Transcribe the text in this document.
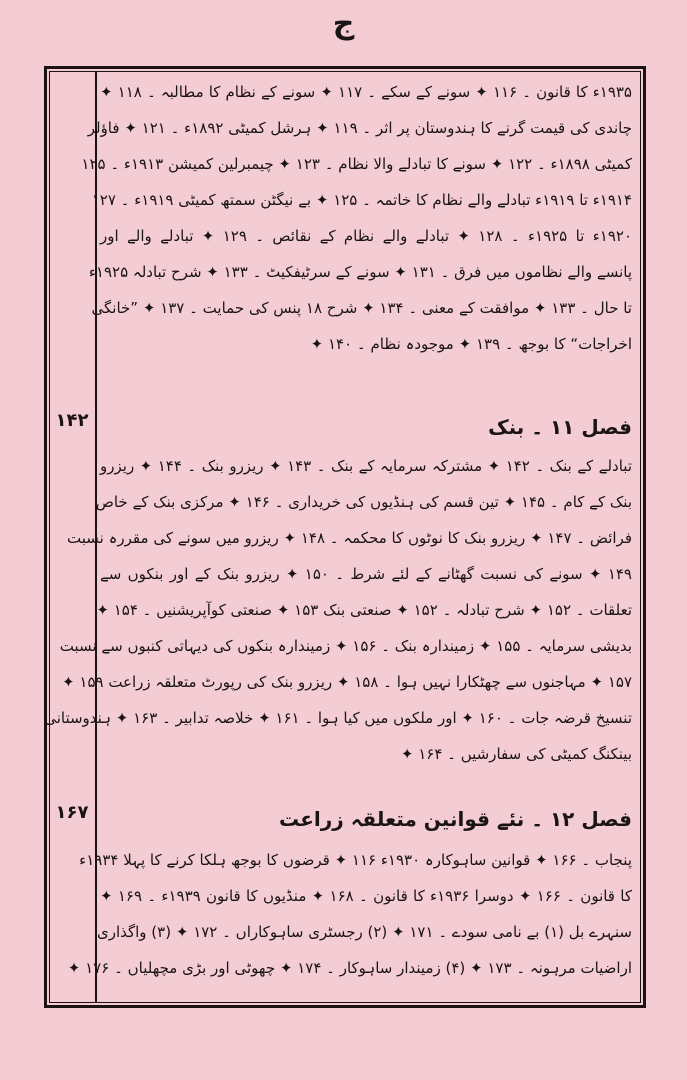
ج
۱۴۲
۱۶۷
۱۹۳۵ء کا قانون ۔ ۱۱۶ ✦ سونے کے سکے ۔ ۱۱۷ ✦ سونے کے نظام کا مطالبہ ۔ ۱۱۸ ✦
چاندی کی قیمت گرنے کا ہندوستان پر اثر ۔ ۱۱۹ ✦ ہرشل کمیٹی ۱۸۹۲ء ۔ ۱۲۱ ✦ فاؤلر
کمیٹی ۱۸۹۸ء ۔ ۱۲۲ ✦ سونے کا تبادلے والا نظام ۔ ۱۲۳ ✦ چیمبرلین کمیشن ۱۹۱۳ء ۔ ۱۲۵
۱۹۱۴ء تا ۱۹۱۹ء تبادلے والے نظام کا خاتمہ ۔ ۱۲۵ ✦ بے نیگٹن سمتھ کمیٹی ۱۹۱۹ء ۔ ۱۲۷
۱۹۲۰ء تا ۱۹۲۵ء ۔ ۱۲۸ ✦ تبادلے والے نظام کے نقائص ۔ ۱۲۹ ✦ تبادلے والے اور
پانسے والے نظاموں میں فرق ۔ ۱۳۱ ✦ سونے کے سرٹیفکیٹ ۔ ۱۳۳ ✦ شرح تبادلہ ۱۹۲۵ء
تا حال ۔ ۱۳۳ ✦ موافقت کے معنی ۔ ۱۳۴ ✦ شرح ۱۸ پنس کی حمایت ۔ ۱۳۷ ✦ ”خانگی
اخراجات“ کا بوجھ ۔ ۱۳۹ ✦ موجودہ نظام ۔ ۱۴۰ ✦
فصل ۱۱ ۔ بنک
تبادلے کے بنک ۔ ۱۴۲ ✦ مشترکہ سرمایہ کے بنک ۔ ۱۴۳ ✦ ریزرو بنک ۔ ۱۴۴ ✦ ریزرو
بنک کے کام ۔ ۱۴۵ ✦ تین قسم کی ہنڈیوں کی خریداری ۔ ۱۴۶ ✦ مرکزی بنک کے خاص
فرائض ۔ ۱۴۷ ✦ ریزرو بنک کا نوٹوں کا محکمہ ۔ ۱۴۸ ✦ ریزرو میں سونے کی مقررہ نسبت
۱۴۹ ✦ سونے کی نسبت گھٹانے کے لئے شرط ۔ ۱۵۰ ✦ ریزرو بنک کے اور بنکوں سے
تعلقات ۔ ۱۵۲ ✦ شرح تبادلہ ۔ ۱۵۲ ✦ صنعتی بنک ۱۵۳ ✦ صنعتی کوآپریشنیں ۔ ۱۵۴ ✦
بدیشی سرمایہ ۔ ۱۵۵ ✦ زمیندارہ بنک ۔ ۱۵۶ ✦ زمیندارہ بنکوں کی دیہاتی کنبوں سے نسبت
۱۵۷ ✦ مہاجنوں سے چھٹکارا نہیں ہوا ۔ ۱۵۸ ✦ ریزرو بنک کی رپورٹ متعلقہ زراعت ۱۵۹ ✦
تنسیخ قرضہ جات ۔ ۱۶۰ ✦ اور ملکوں میں کیا ہوا ۔ ۱۶۱ ✦ خلاصہ تدابیر ۔ ۱۶۳ ✦ ہندوستانی
بینکنگ کمیٹی کی سفارشیں ۔ ۱۶۴ ✦
فصل ۱۲ ۔ نئے قوانین متعلقہ زراعت
پنجاب ۔ ۱۶۶ ✦ قوانین ساہوکارہ ۱۹۳۰ء ۱۱۶ ✦ قرضوں کا بوجھ ہلکا کرنے کا پہلا ۱۹۳۴ء
کا قانون ۔ ۱۶۶ ✦ دوسرا ۱۹۳۶ء کا قانون ۔ ۱۶۸ ✦ منڈیوں کا قانون ۱۹۳۹ء ۔ ۱۶۹ ✦
سنہرے بل (۱) بے نامی سودے ۔ ۱۷۱ ✦ (۲) رجسٹری ساہوکاراں ۔ ۱۷۲ ✦ (۳) واگذاری
اراضیات مرہونہ ۔ ۱۷۳ ✦ (۴) زمیندار ساہوکار ۔ ۱۷۴ ✦ چھوٹی اور بڑی مچھلیاں ۔ ۱۷۶ ✦
